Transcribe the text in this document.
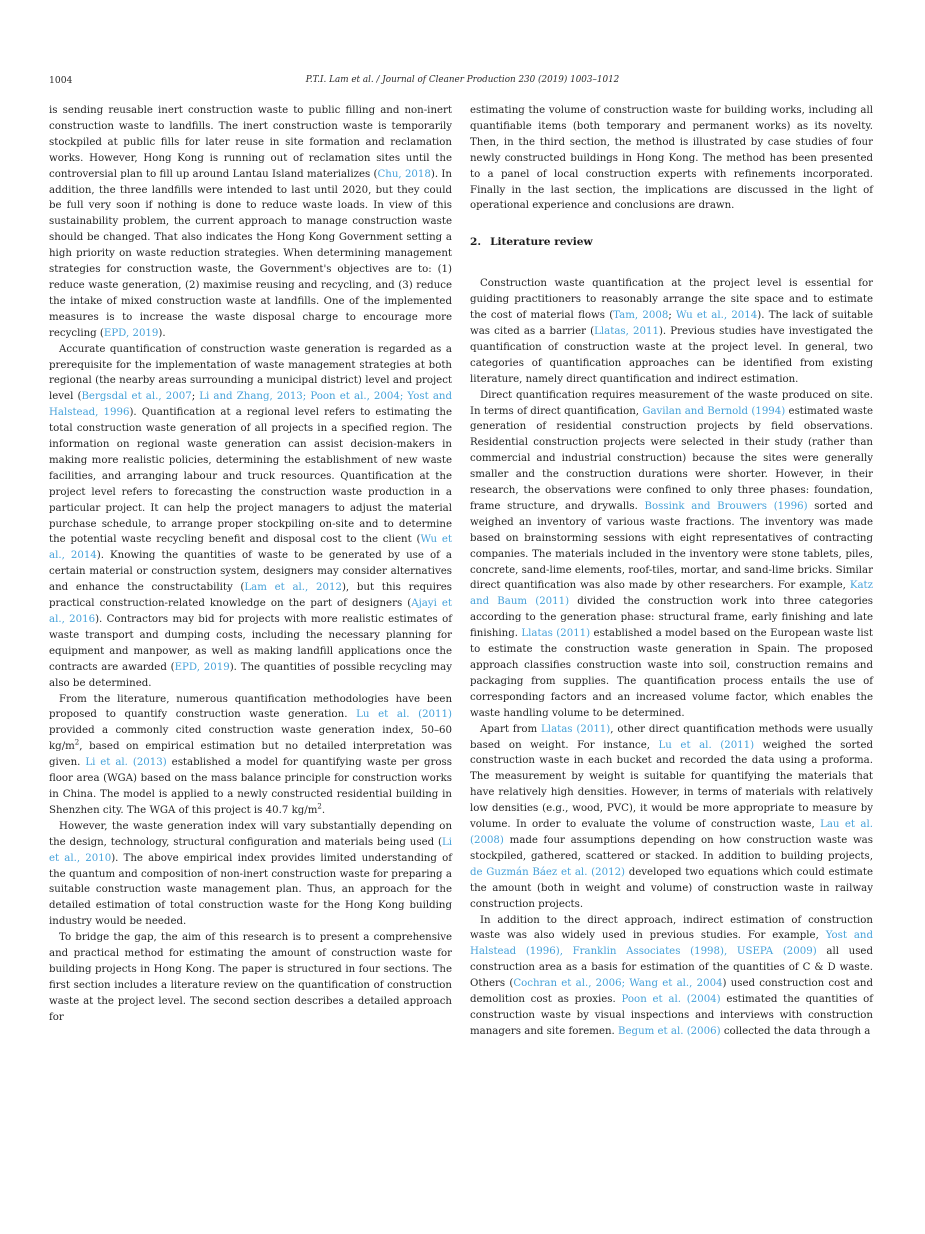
1004	P.T.I. Lam et al. / Journal of Cleaner Production 230 (2019) 1003–1012

is sending reusable inert construction waste to public filling and non-inert construction waste to landfills. The inert construction waste is temporarily stockpiled at public fills for later reuse in site formation and reclamation works. However, Hong Kong is running out of reclamation sites until the controversial plan to fill up around Lantau Island materializes (Chu, 2018). In addition, the three landfills were intended to last until 2020, but they could be full very soon if nothing is done to reduce waste loads. In view of this sustainability problem, the current approach to manage construction waste should be changed. That also indicates the Hong Kong Government setting a high priority on waste reduction strategies. When determining management strategies for construction waste, the Government's objectives are to: (1) reduce waste generation, (2) maximise reusing and recycling, and (3) reduce the intake of mixed construction waste at landfills. One of the implemented measures is to increase the waste disposal charge to encourage more recycling (EPD, 2019).

Accurate quantification of construction waste generation is regarded as a prerequisite for the implementation of waste management strategies at both regional (the nearby areas surrounding a municipal district) level and project level (Bergsdal et al., 2007; Li and Zhang, 2013; Poon et al., 2004; Yost and Halstead, 1996). Quantification at a regional level refers to estimating the total construction waste generation of all projects in a specified region. The information on regional waste generation can assist decision-makers in making more realistic policies, determining the establishment of new waste facilities, and arranging labour and truck resources. Quantification at the project level refers to forecasting the construction waste production in a particular project. It can help the project managers to adjust the material purchase schedule, to arrange proper stockpiling on-site and to determine the potential waste recycling benefit and disposal cost to the client (Wu et al., 2014). Knowing the quantities of waste to be generated by use of a certain material or construction system, designers may consider alternatives and enhance the constructability (Lam et al., 2012), but this requires practical construction-related knowledge on the part of designers (Ajayi et al., 2016). Contractors may bid for projects with more realistic estimates of waste transport and dumping costs, including the necessary planning for equipment and manpower, as well as making landfill applications once the contracts are awarded (EPD, 2019). The quantities of possible recycling may also be determined.

From the literature, numerous quantification methodologies have been proposed to quantify construction waste generation. Lu et al. (2011) provided a commonly cited construction waste generation index, 50–60 $kg/m^2$, based on empirical estimation but no detailed interpretation was given. Li et al. (2013) established a model for quantifying waste per gross floor area (WGA) based on the mass balance principle for construction works in China. The model is applied to a newly constructed residential building in Shenzhen city. The WGA of this project is 40.7 $kg/m^2$.

However, the waste generation index will vary substantially depending on the design, technology, structural configuration and materials being used (Li et al., 2010). The above empirical index provides limited understanding of the quantum and composition of non-inert construction waste for preparing a suitable construction waste management plan. Thus, an approach for the detailed estimation of total construction waste for the Hong Kong building industry would be needed.

To bridge the gap, the aim of this research is to present a comprehensive and practical method for estimating the amount of construction waste for building projects in Hong Kong. The paper is structured in four sections. The first section includes a literature review on the quantification of construction waste at the project level. The second section describes a detailed approach for

estimating the volume of construction waste for building works, including all quantifiable items (both temporary and permanent works) as its novelty. Then, in the third section, the method is illustrated by case studies of four newly constructed buildings in Hong Kong. The method has been presented to a panel of local construction experts with refinements incorporated. Finally in the last section, the implications are discussed in the light of operational experience and conclusions are drawn.

2. Literature review

Construction waste quantification at the project level is essential for guiding practitioners to reasonably arrange the site space and to estimate the cost of material flows (Tam, 2008; Wu et al., 2014). The lack of suitable was cited as a barrier (Llatas, 2011). Previous studies have investigated the quantification of construction waste at the project level. In general, two categories of quantification approaches can be identified from existing literature, namely direct quantification and indirect estimation.

Direct quantification requires measurement of the waste produced on site. In terms of direct quantification, Gavilan and Bernold (1994) estimated waste generation of residential construction projects by field observations. Residential construction projects were selected in their study (rather than commercial and industrial construction) because the sites were generally smaller and the construction durations were shorter. However, in their research, the observations were confined to only three phases: foundation, frame structure, and drywalls. Bossink and Brouwers (1996) sorted and weighed an inventory of various waste fractions. The inventory was made based on brainstorming sessions with eight representatives of contracting companies. The materials included in the inventory were stone tablets, piles, concrete, sand-lime elements, roof-tiles, mortar, and sand-lime bricks. Similar direct quantification was also made by other researchers. For example, Katz and Baum (2011) divided the construction work into three categories according to the generation phase: structural frame, early finishing and late finishing. Llatas (2011) established a model based on the European waste list to estimate the construction waste generation in Spain. The proposed approach classifies construction waste into soil, construction remains and packaging from supplies. The quantification process entails the use of corresponding factors and an increased volume factor, which enables the waste handling volume to be determined.

Apart from Llatas (2011), other direct quantification methods were usually based on weight. For instance, Lu et al. (2011) weighed the sorted construction waste in each bucket and recorded the data using a proforma. The measurement by weight is suitable for quantifying the materials that have relatively high densities. However, in terms of materials with relatively low densities (e.g., wood, PVC), it would be more appropriate to measure by volume. In order to evaluate the volume of construction waste, Lau et al. (2008) made four assumptions depending on how construction waste was stockpiled, gathered, scattered or stacked. In addition to building projects, de Guzmán Báez et al. (2012) developed two equations which could estimate the amount (both in weight and volume) of construction waste in railway construction projects.

In addition to the direct approach, indirect estimation of construction waste was also widely used in previous studies. For example, Yost and Halstead (1996), Franklin Associates (1998), USEPA (2009) all used construction area as a basis for estimation of the quantities of C & D waste. Others (Cochran et al., 2006; Wang et al., 2004) used construction cost and demolition cost as proxies. Poon et al. (2004) estimated the quantities of construction waste by visual inspections and interviews with construction managers and site foremen. Begum et al. (2006) collected the data through a
